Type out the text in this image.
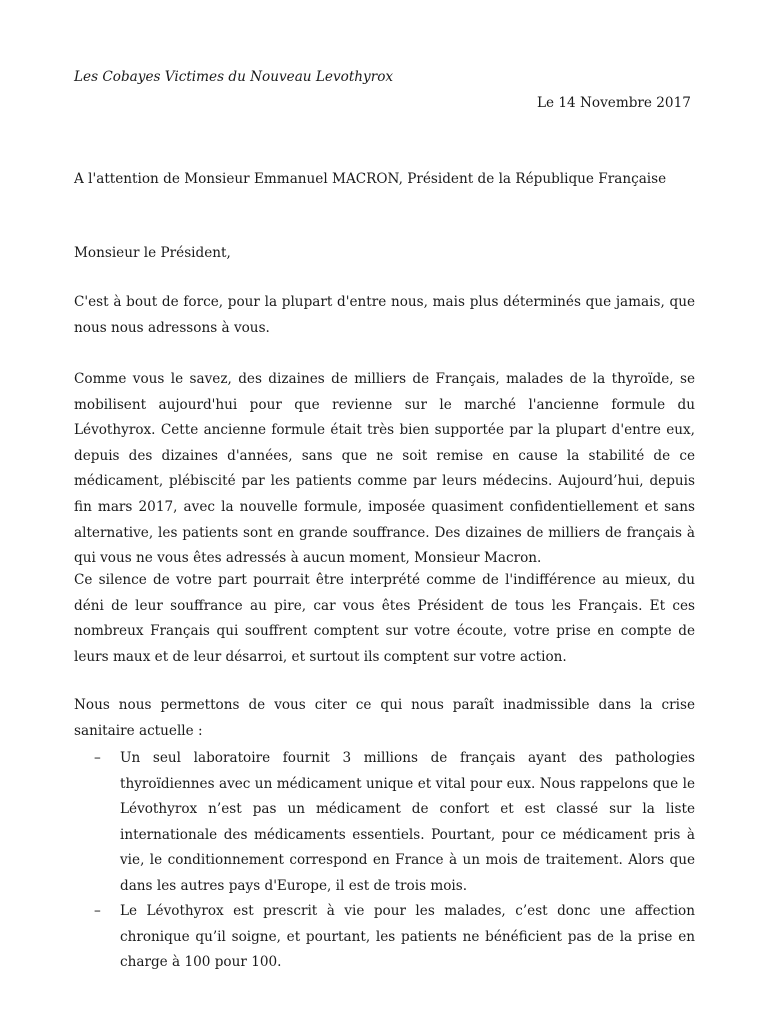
Les Cobayes Victimes du Nouveau Levothyrox
Le 14 Novembre 2017

A l'attention de Monsieur Emmanuel MACRON, Président de la République Française

Monsieur le Président,

C'est à bout de force, pour la plupart d'entre nous, mais plus déterminés que jamais, que nous nous adressons à vous.

Comme vous le savez, des dizaines de milliers de Français, malades de la thyroïde, se mobilisent aujourd'hui pour que revienne sur le marché l'ancienne formule du Lévothyrox. Cette ancienne formule était très bien supportée par la plupart d'entre eux, depuis des dizaines d'années, sans que ne soit remise en cause la stabilité de ce médicament, plébiscité par les patients comme par leurs médecins. Aujourd’hui, depuis fin mars 2017, avec la nouvelle formule, imposée quasiment confidentiellement et sans alternative, les patients sont en grande souffrance. Des dizaines de milliers de français à qui vous ne vous êtes adressés à aucun moment, Monsieur Macron.

Ce silence de votre part pourrait être interprété comme de l'indifférence au mieux, du déni de leur souffrance au pire, car vous êtes Président de tous les Français. Et ces nombreux Français qui souffrent comptent sur votre écoute, votre prise en compte de leurs maux et de leur désarroi, et surtout ils comptent sur votre action.

Nous nous permettons de vous citer ce qui nous paraît inadmissible dans la crise sanitaire actuelle :

– Un seul laboratoire fournit 3 millions de français ayant des pathologies thyroïdiennes avec un médicament unique et vital pour eux. Nous rappelons que le Lévothyrox n’est pas un médicament de confort et est classé sur la liste internationale des médicaments essentiels. Pourtant, pour ce médicament pris à vie, le conditionnement correspond en France à un mois de traitement. Alors que dans les autres pays d'Europe, il est de trois mois.
– Le Lévothyrox est prescrit à vie pour les malades, c’est donc une affection chronique qu’il soigne, et pourtant, les patients ne bénéficient pas de la prise en charge à 100 pour 100.
